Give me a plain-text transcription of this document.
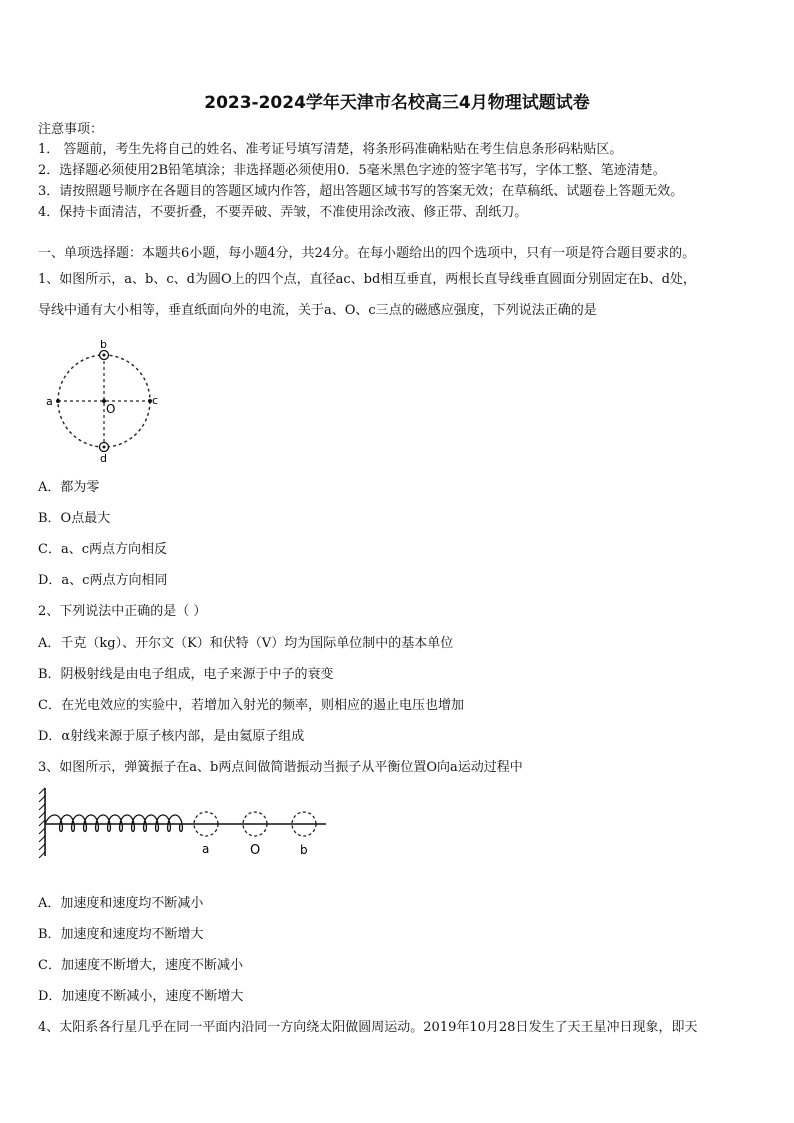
2023-2024学年天津市名校高三4月物理试题试卷
注意事项：
1． 答题前，考生先将自己的姓名、准考证号填写清楚，将条形码准确粘贴在考生信息条形码粘贴区。
2．选择题必须使用2B铅笔填涂；非选择题必须使用0．5毫米黑色字迹的签字笔书写，字体工整、笔迹清楚。
3．请按照题号顺序在各题目的答题区域内作答，超出答题区域书写的答案无效；在草稿纸、试题卷上答题无效。
4．保持卡面清洁，不要折叠，不要弄破、弄皱，不准使用涂改液、修正带、刮纸刀。
一、单项选择题：本题共6小题，每小题4分，共24分。在每小题给出的四个选项中，只有一项是符合题目要求的。
1、如图所示，a、b、c、d为圆O上的四个点，直径ac、bd相互垂直，两根长直导线垂直圆面分别固定在b、d处，
导线中通有大小相等，垂直纸面向外的电流，关于a、O、c三点的磁感应强度，下列说法正确的是
b
d
a	c
O
A．都为零
B．O点最大
C．a、c两点方向相反
D．a、c两点方向相同
2、下列说法中正确的是（ ）
A．千克（kg）、开尔文（K）和伏特（V）均为国际单位制中的基本单位
B．阴极射线是由电子组成，电子来源于中子的衰变
C．在光电效应的实验中，若增加入射光的频率，则相应的遏止电压也增加
D．α射线来源于原子核内部，是由氦原子组成
3、如图所示，弹簧振子在a、b两点间做简谐振动当振子从平衡位置O向a运动过程中
a	O	b
A．加速度和速度均不断减小
B．加速度和速度均不断增大
C．加速度不断增大，速度不断减小
D．加速度不断减小，速度不断增大
4、太阳系各行星几乎在同一平面内沿同一方向绕太阳做圆周运动。2019年10月28日发生了天王星冲日现象，即天
